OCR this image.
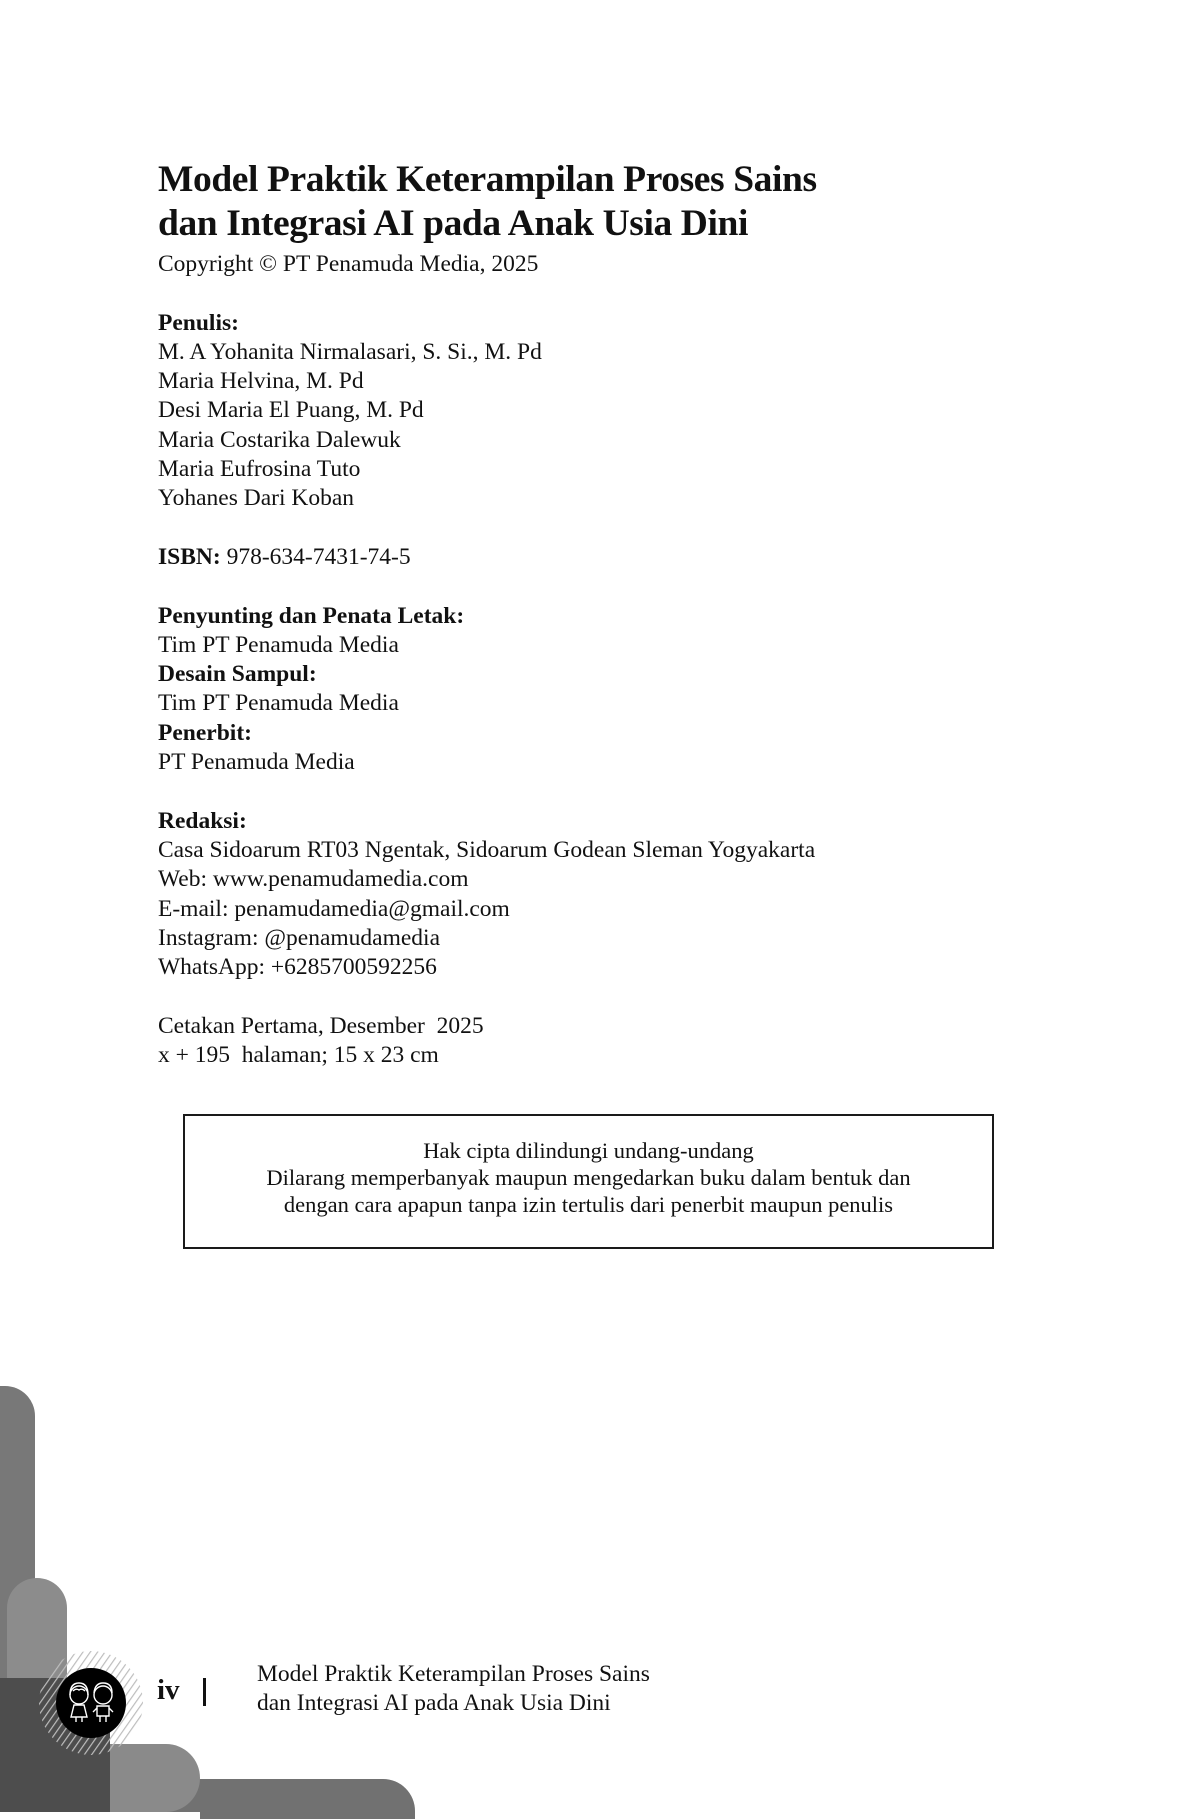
Model Praktik Keterampilan Proses Sains
dan Integrasi AI pada Anak Usia Dini
Copyright © PT Penamuda Media, 2025
Penulis:
M. A Yohanita Nirmalasari, S. Si., M. Pd
Maria Helvina, M. Pd
Desi Maria El Puang, M. Pd
Maria Costarika Dalewuk
Maria Eufrosina Tuto
Yohanes Dari Koban
ISBN: 978-634-7431-74-5
Penyunting dan Penata Letak:
Tim PT Penamuda Media
Desain Sampul:
Tim PT Penamuda Media
Penerbit:
PT Penamuda Media
Redaksi:
Casa Sidoarum RT03 Ngentak, Sidoarum Godean Sleman Yogyakarta
Web: www.penamudamedia.com
E-mail: penamudamedia@gmail.com
Instagram: @penamudamedia
WhatsApp: +6285700592256
Cetakan Pertama, Desember  2025
x + 195  halaman; 15 x 23 cm
Hak cipta dilindungi undang-undang
Dilarang memperbanyak maupun mengedarkan buku dalam bentuk dan
dengan cara apapun tanpa izin tertulis dari penerbit maupun penulis
iv	Model Praktik Keterampilan Proses Sains
dan Integrasi AI pada Anak Usia Dini
